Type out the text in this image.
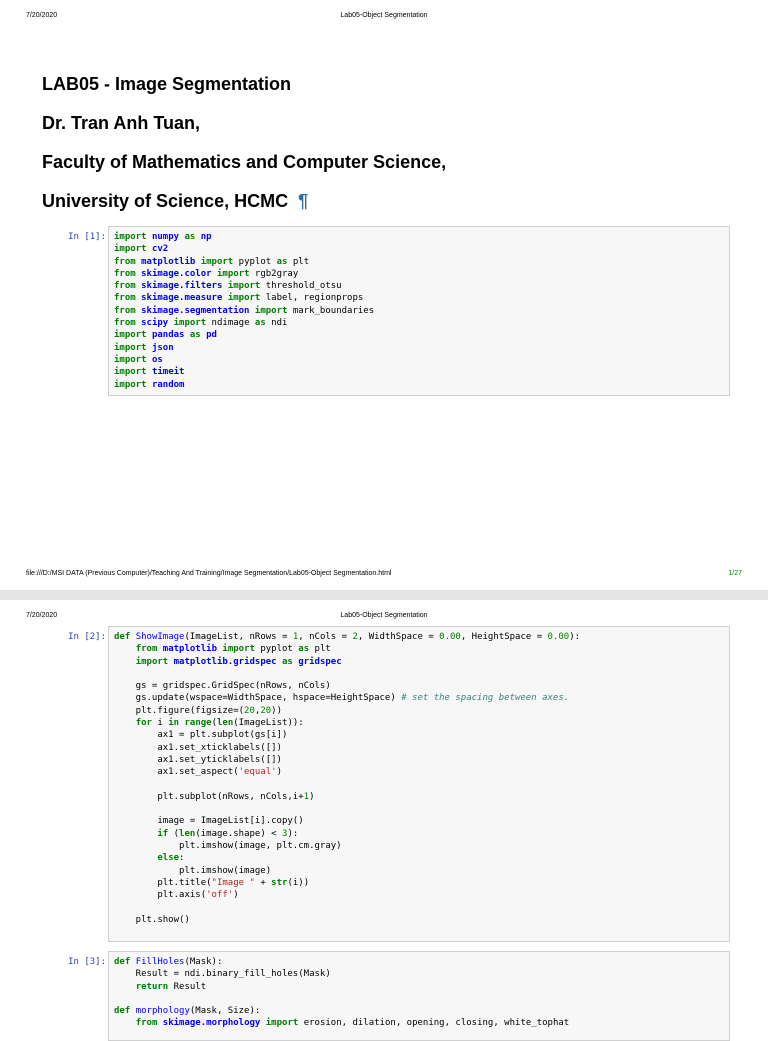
7/20/2020	Lab05-Object Segmentation
LAB05 - Image Segmentation
Dr. Tran Anh Tuan,
Faculty of Mathematics and Computer Science,
University of Science, HCMC ¶
In [1]: import numpy as np
import cv2
from matplotlib import pyplot as plt
from skimage.color import rgb2gray
from skimage.filters import threshold_otsu
from skimage.measure import label, regionprops
from skimage.segmentation import mark_boundaries
from scipy import ndimage as ndi
import pandas as pd
import json
import os
import timeit
import random
file:///D:/MSI DATA (Previous Computer)/Teaching And Training/Image Segmentation/Lab05-Object Segmentation.html	1/27
7/20/2020	Lab05-Object Segmentation
In [2]: def ShowImage(ImageList, nRows = 1, nCols = 2, WidthSpace = 0.00, HeightSpace = 0.00):
from matplotlib import pyplot as plt
import matplotlib.gridspec as gridspec
gs = gridspec.GridSpec(nRows, nCols)
gs.update(wspace=WidthSpace, hspace=HeightSpace) # set the spacing between axes.
plt.figure(figsize=(20,20))
for i in range(len(ImageList)):
ax1 = plt.subplot(gs[i])
ax1.set_xticklabels([])
ax1.set_yticklabels([])
ax1.set_aspect('equal')
plt.subplot(nRows, nCols,i+1)
image = ImageList[i].copy()
if (len(image.shape) < 3):
plt.imshow(image, plt.cm.gray)
else:
plt.imshow(image)
plt.title("Image " + str(i))
plt.axis('off')
plt.show()
In [3]: def FillHoles(Mask):
Result = ndi.binary_fill_holes(Mask)
return Result
def morphology(Mask, Size):
from skimage.morphology import erosion, dilation, opening, closing, white_tophat
